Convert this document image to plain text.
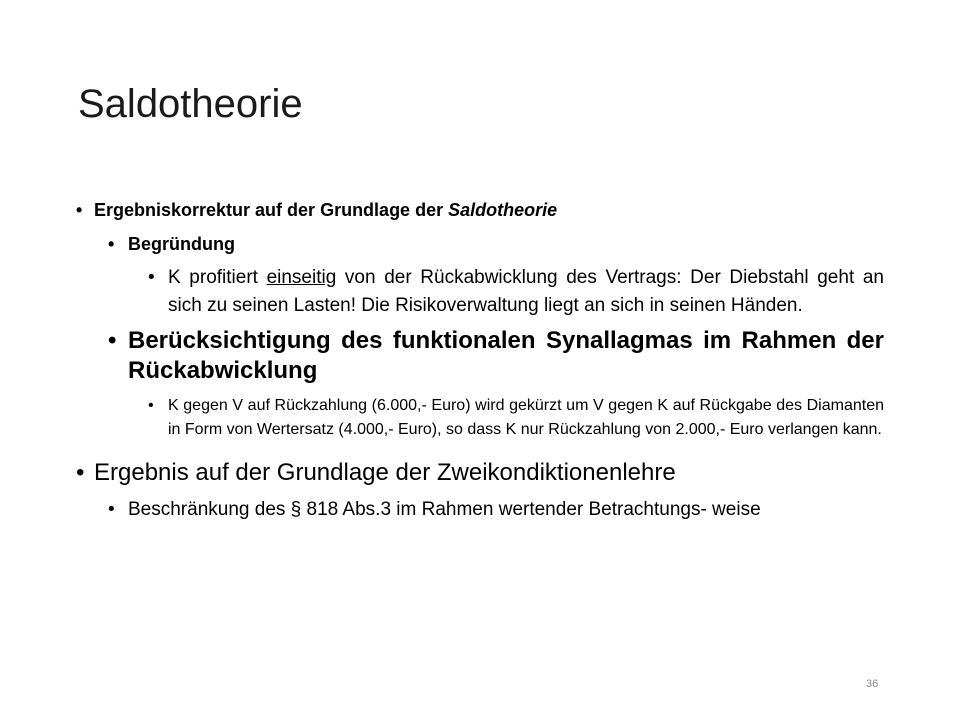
Saldotheorie
• Ergebniskorrektur auf der Grundlage der Saldotheorie
• Begründung
• K profitiert einseitig von der Rückabwicklung des Vertrags: Der Diebstahl geht an sich zu seinen Lasten! Die Risikoverwaltung liegt an sich in seinen Händen.
• Berücksichtigung des funktionalen Synallagmas im Rahmen der Rückabwicklung
• K gegen V auf Rückzahlung (6.000,- Euro) wird gekürzt um V gegen K auf Rückgabe des Diamanten in Form von Wertersatz (4.000,- Euro), so dass K nur Rückzahlung von 2.000,- Euro verlangen kann.
• Ergebnis auf der Grundlage der Zweikondiktionenlehre
• Beschränkung des § 818 Abs.3 im Rahmen wertender Betrachtungs- weise
36
